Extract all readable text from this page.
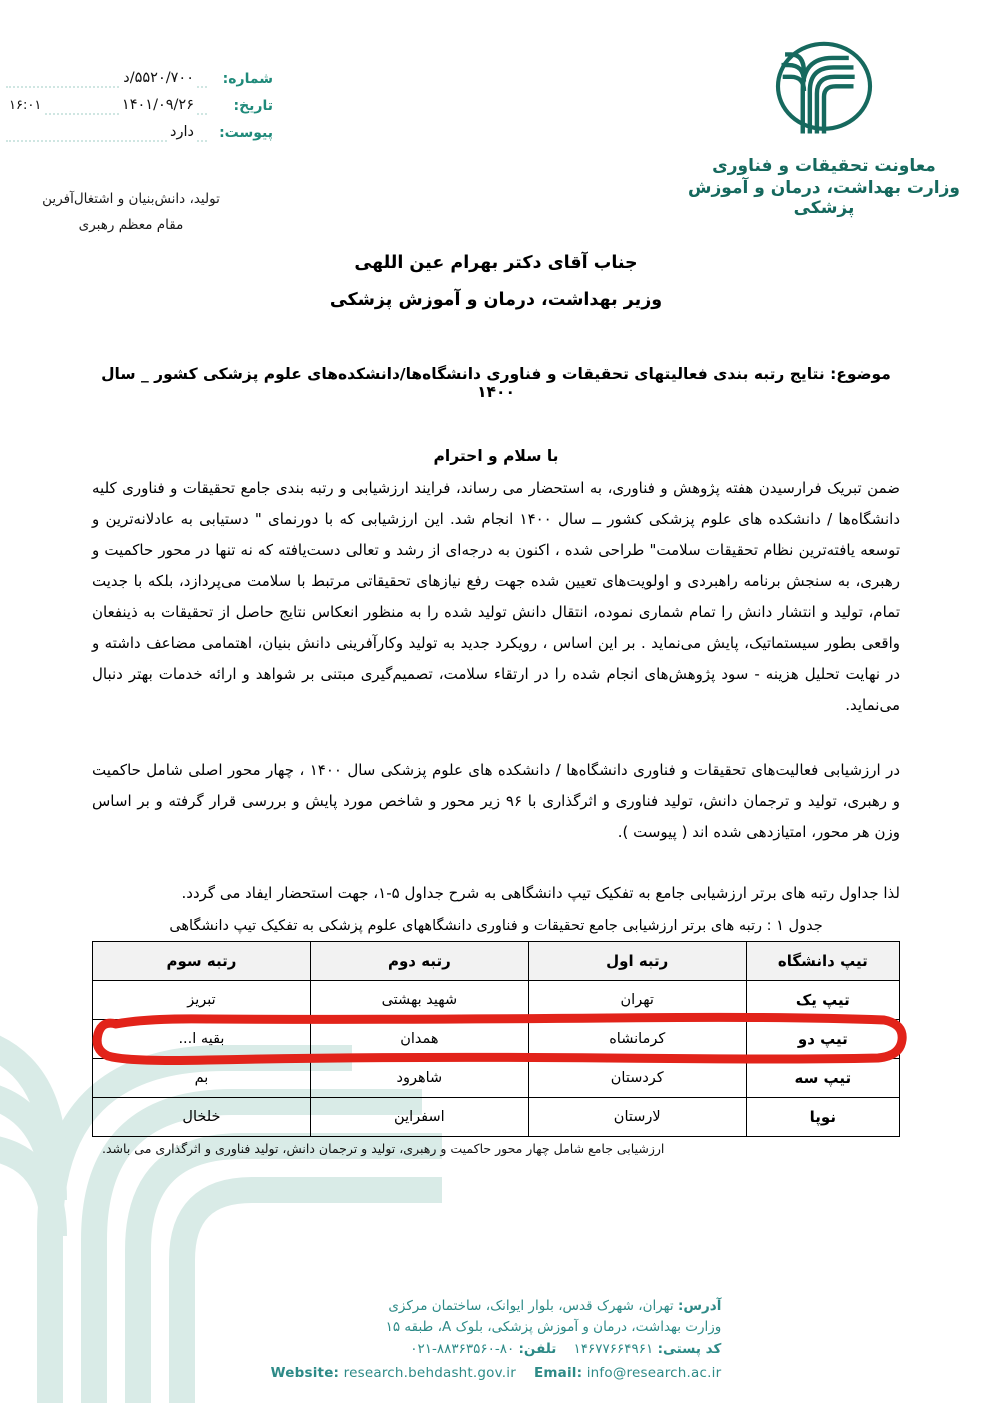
معاونت تحقیقات و فناوری
وزارت بهداشت، درمان و آموزش پزشکی
شماره:
۵۵۲۰/۷۰۰/د
تاریخ:
۱۴۰۱/۰۹/۲۶
۱۶:۰۱
پیوست:
دارد
تولید، دانش‌بنیان و اشتغال‌آفرین
مقام معظم رهبری
جناب آقای دکتر بهرام عین اللهی
وزیر بهداشت، درمان و آموزش پزشکی
موضوع: نتایج رتبه بندی فعالیتهای تحقیقات و فناوری دانشگاه‌ها/دانشکده‌های علوم پزشکی کشور _ سال ۱۴۰۰
با سلام و احترام

ضمن تبریک فرارسیدن هفته پژوهش و فناوری، به استحضار می رساند، فرایند ارزشیابی و رتبه بندی جامع تحقیقات و فناوری کلیه دانشگاه‌ها / دانشکده های علوم پزشکی کشور ــ سال ۱۴۰۰ انجام شد. این ارزشیابی که با دورنمای " دستیابی به عادلانه‌ترین و توسعه یافته‌ترین نظام تحقیقات سلامت" طراحی شده ، اکنون به درجه‌ای از رشد و تعالی دست‌یافته که نه تنها در محور حاکمیت و رهبری، به سنجش برنامه راهبردی و اولویت‌های تعیین شده جهت رفع نیازهای تحقیقاتی مرتبط با سلامت می‌پردازد، بلکه با جدیت تمام، تولید و انتشار دانش را تمام شماری نموده، انتقال دانش تولید شده را به منظور انعکاس نتایج حاصل از تحقیقات به ذینفعان واقعی بطور سیستماتیک، پایش می‌نماید . بر این اساس ، رویکرد جدید به تولید وکارآفرینی دانش بنیان، اهتمامی مضاعف داشته و در نهایت تحلیل هزینه - سود پژوهش‌های انجام شده را در ارتقاء سلامت، تصمیم‌گیری مبتنی بر شواهد و ارائه خدمات بهتر دنبال می‌نماید.

در ارزشیابی فعالیت‌های تحقیقات و فناوری دانشگاه‌ها / دانشکده های علوم پزشکی سال ۱۴۰۰ ، چهار محور اصلی شامل حاکمیت و رهبری، تولید و ترجمان دانش، تولید فناوری و اثرگذاری با ۹۶ زیر محور و شاخص مورد پایش و بررسی قرار گرفته و بر اساس وزن هر محور، امتیازدهی شده اند ( پیوست ).

لذا جداول رتبه های برتر ارزشیابی جامع به تفکیک تیپ دانشگاهی به شرح جداول ۵-۱، جهت استحضار ایفاد می گردد.

جدول ۱ : رتبه های برتر ارزشیابی جامع تحقیقات و فناوری دانشگاههای علوم پزشکی به تفکیک تیپ دانشگاهی
تیپ دانشگاه	رتبه اول	رتبه دوم	رتبه سوم
تیپ یک	تهران	شهید بهشتی	تبریز
تیپ دو	کرمانشاه	همدان	بقیه ا...
تیپ سه	کردستان	شاهرود	بم
نوپا	لارستان	اسفراین	خلخال
ارزشیابی جامع شامل چهار محور حاکمیت و رهبری، تولید و ترجمان دانش، تولید فناوری و اثرگذاری می باشد.
آدرس: تهران، شهرک قدس، بلوار ایوانک، ساختمان مرکزی
وزارت بهداشت، درمان و آموزش پزشکی، بلوک A، طبقه ۱۵
کد پستی: ۱۴۶۷۷۶۶۴۹۶۱    تلفن: ۰۲۱-۸۸۳۶۳۵۶۰-۸۰
Website: research.behdasht.gov.ir Email: info@research.ac.ir
